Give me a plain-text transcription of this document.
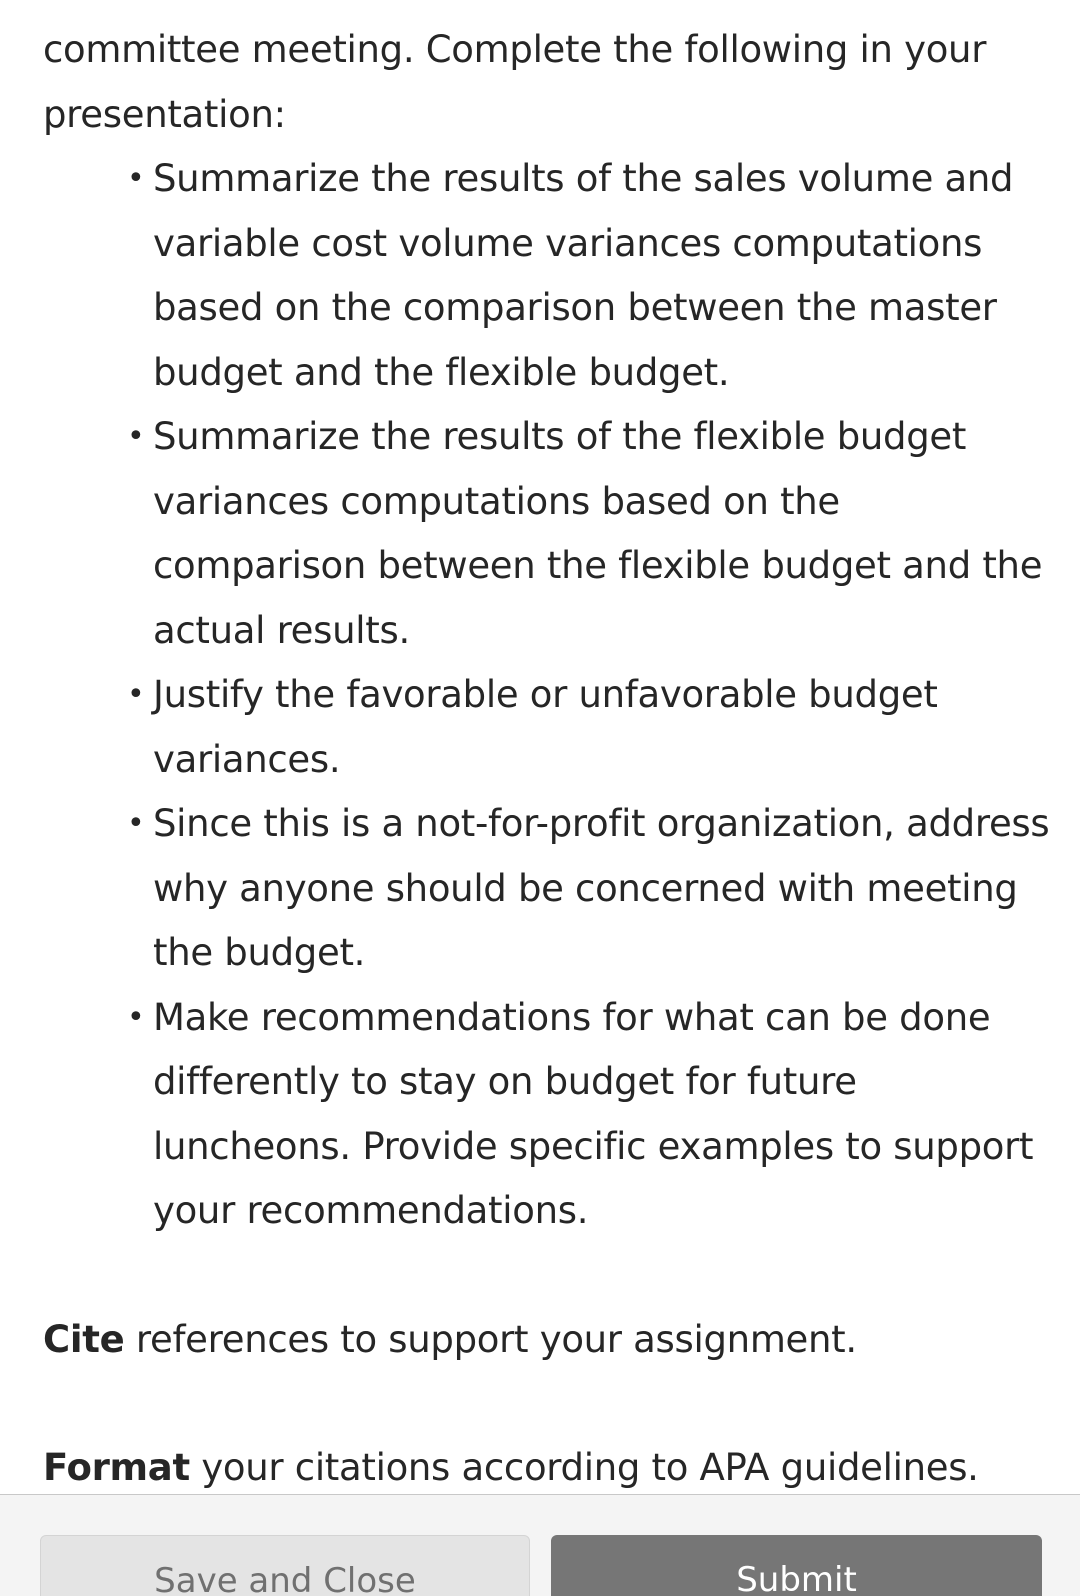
committee meeting. Complete the following in your
presentation:

• Summarize the results of the sales volume and variable cost volume variances computations based on the comparison between the master budget and the flexible budget.
• Summarize the results of the flexible budget variances computations based on the comparison between the flexible budget and the actual results.
• Justify the favorable or unfavorable budget variances.
• Since this is a not-for-profit organization, address why anyone should be concerned with meeting the budget.
• Make recommendations for what can be done differently to stay on budget for future luncheons. Provide specific examples to support your recommendations.

Cite references to support your assignment.

Format your citations according to APA guidelines.

Save and Close	Submit
